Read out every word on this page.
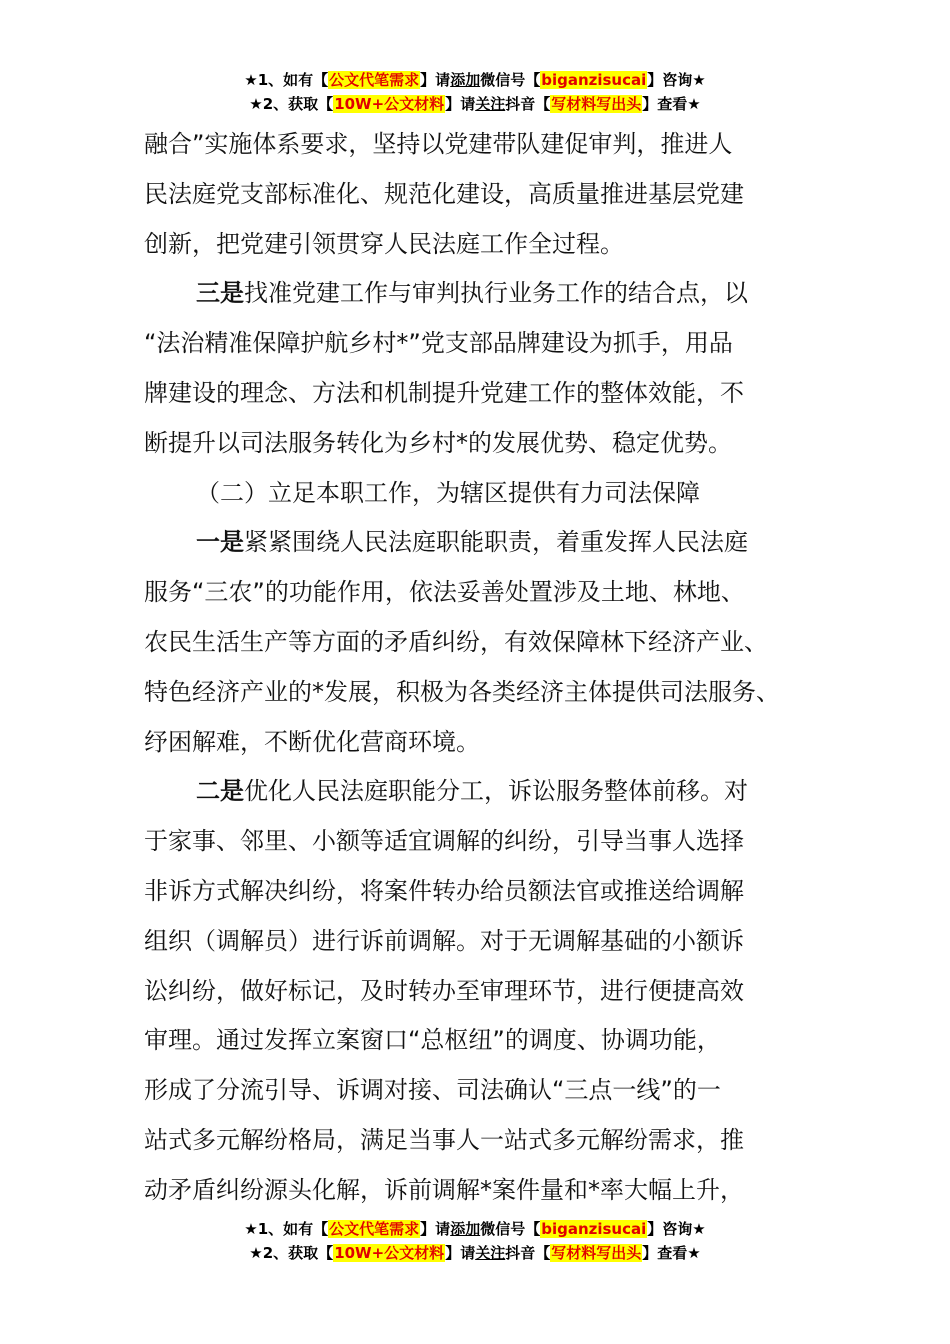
★1、如有【公文代笔需求】请添加微信号【biganzisucai】咨询★
★2、获取【10W+公文材料】请关注抖音【写材料写出头】查看★

融合”实施体系要求，坚持以党建带队建促审判，推进人

民法庭党支部标准化、规范化建设，高质量推进基层党建

创新，把党建引领贯穿人民法庭工作全过程。

三是找准党建工作与审判执行业务工作的结合点，以

“法治精准保障护航乡村*”党支部品牌建设为抓手，用品

牌建设的理念、方法和机制提升党建工作的整体效能，不

断提升以司法服务转化为乡村*的发展优势、稳定优势。

（二）立足本职工作，为辖区提供有力司法保障

一是紧紧围绕人民法庭职能职责，着重发挥人民法庭

服务“三农”的功能作用，依法妥善处置涉及土地、林地、

农民生活生产等方面的矛盾纠纷，有效保障林下经济产业、

特色经济产业的*发展，积极为各类经济主体提供司法服务、

纾困解难，不断优化营商环境。

二是优化人民法庭职能分工，诉讼服务整体前移。对

于家事、邻里、小额等适宜调解的纠纷，引导当事人选择

非诉方式解决纠纷，将案件转办给员额法官或推送给调解

组织（调解员）进行诉前调解。对于无调解基础的小额诉

讼纠纷，做好标记，及时转办至审理环节，进行便捷高效

审理。通过发挥立案窗口“总枢纽”的调度、协调功能，

形成了分流引导、诉调对接、司法确认“三点一线”的一

站式多元解纷格局，满足当事人一站式多元解纷需求，推

动矛盾纠纷源头化解，诉前调解*案件量和*率大幅上升，

★1、如有【公文代笔需求】请添加微信号【biganzisucai】咨询★
★2、获取【10W+公文材料】请关注抖音【写材料写出头】查看★
